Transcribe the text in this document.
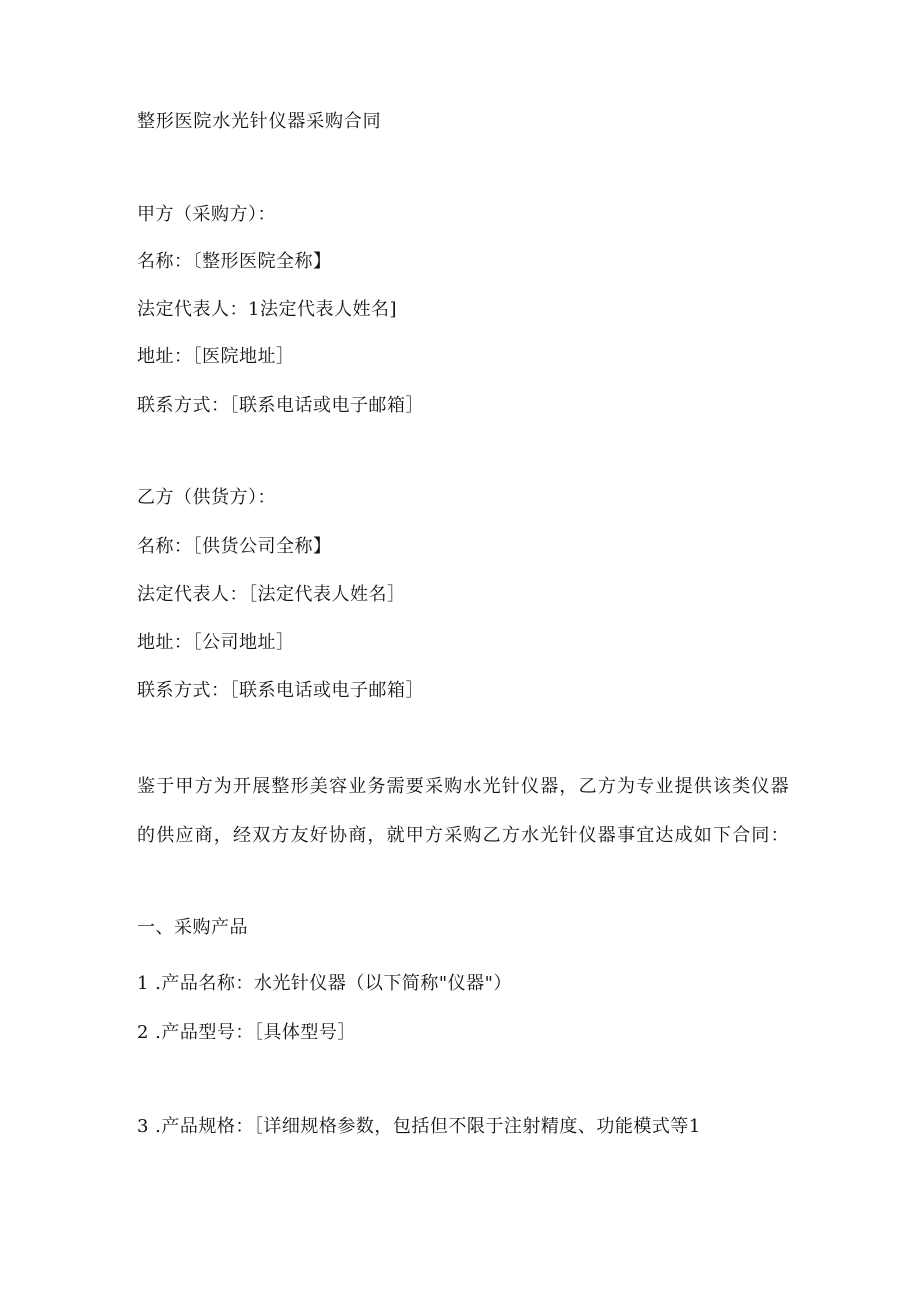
整形医院水光针仪器采购合同
甲方（采购方）：
名称：〔整形医院全称】
法定代表人：1法定代表人姓名]
地址：［医院地址］
联系方式：［联系电话或电子邮箱］
乙方（供货方）：
名称：［供货公司全称】
法定代表人：［法定代表人姓名］
地址：［公司地址］
联系方式：［联系电话或电子邮箱］
鉴于甲方为开展整形美容业务需要采购水光针仪器，乙方为专业提供该类仪器
的供应商，经双方友好协商，就甲方采购乙方水光针仪器事宜达成如下合同：
一、采购产品
1 .产品名称：水光针仪器（以下简称"仪器"）
2 .产品型号：［具体型号］
3 .产品规格：［详细规格参数，包括但不限于注射精度、功能模式等1
